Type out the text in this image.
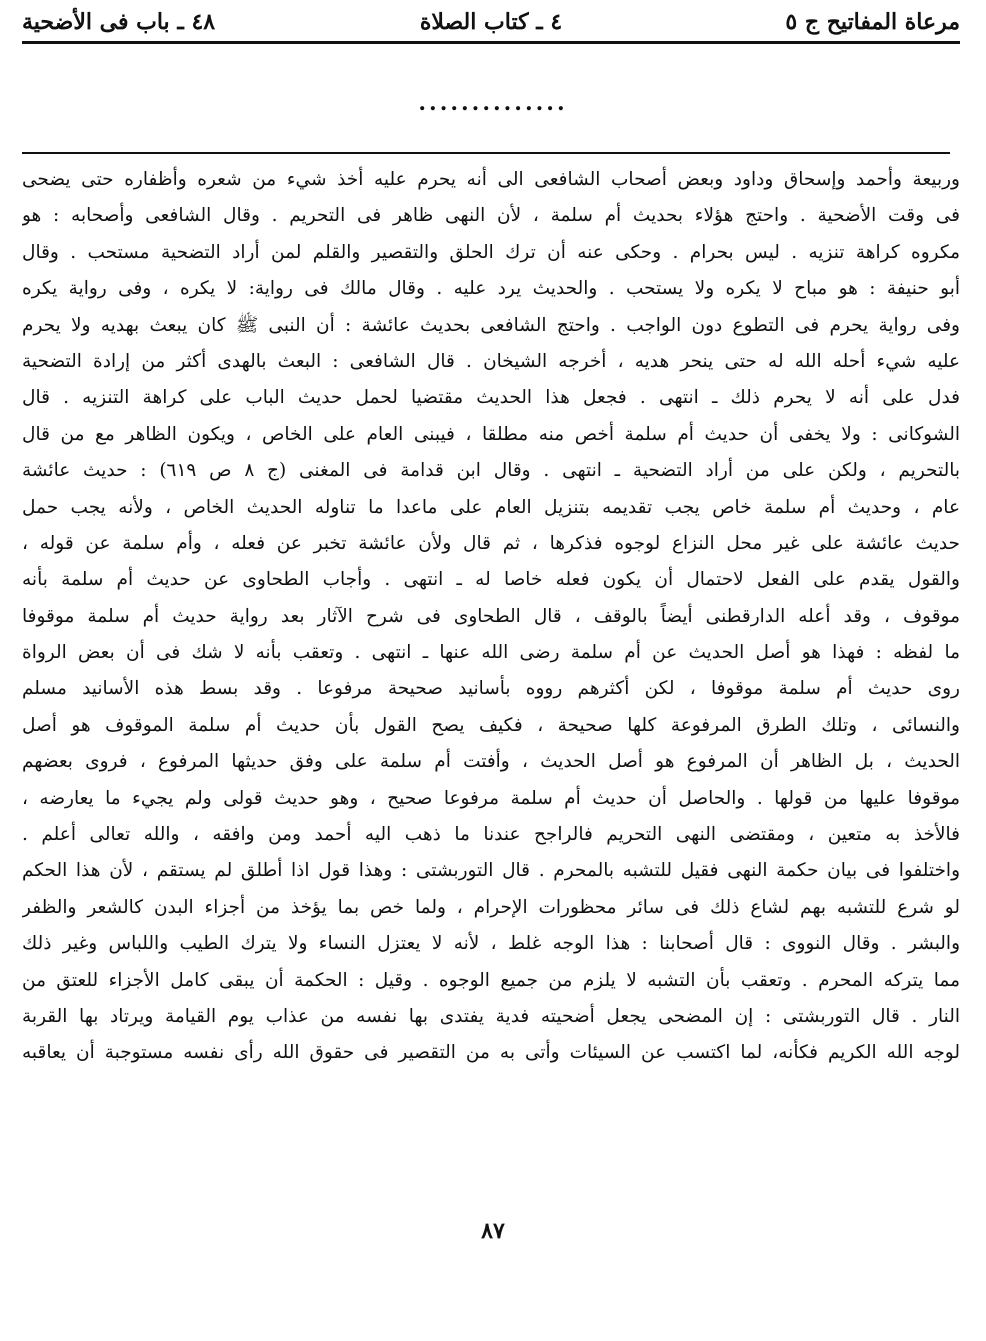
مرعاة المفاتيح ج ٥
٤ ـ كتاب الصلاة
٤٨ ـ باب فى الأضحية
..............
وربيعة وأحمد وإسحاق وداود وبعض أصحاب الشافعى الى أنه يحرم عليه أخذ شيء من شعره وأظفاره حتى يضحى
فى وقت الأضحية . واحتج هؤلاء بحديث أم سلمة ، لأن النهى ظاهر فى التحريم . وقال الشافعى وأصحابه : هو
مكروه كراهة تنزيه . ليس بحرام . وحكى عنه أن ترك الحلق والتقصير والقلم لمن أراد التضحية مستحب . وقال
أبو حنيفة : هو مباح لا يكره ولا يستحب . والحديث يرد عليه . وقال مالك فى رواية: لا يكره ، وفى رواية يكره
وفى رواية يحرم فى التطوع دون الواجب . واحتج الشافعى بحديث عائشة : أن النبى ﷺ كان يبعث بهديه ولا يحرم
عليه شيء أحله الله له حتى ينحر هديه ، أخرجه الشيخان . قال الشافعى : البعث بالهدى أكثر من إرادة التضحية
فدل على أنه لا يحرم ذلك ـ انتهى . فجعل هذا الحديث مقتضيا لحمل حديث الباب على كراهة التنزيه . قال
الشوكانى : ولا يخفى أن حديث أم سلمة أخص منه مطلقا ، فيبنى العام على الخاص ، ويكون الظاهر مع من قال
بالتحريم ، ولكن على من أراد التضحية ـ انتهى . وقال ابن قدامة فى المغنى (ج ٨ ص ٦١٩) : حديث عائشة
عام ، وحديث أم سلمة خاص يجب تقديمه بتنزيل العام على ماعدا ما تناوله الحديث الخاص ، ولأنه يجب حمل
حديث عائشة على غير محل النزاع لوجوه فذكرها ، ثم قال ولأن عائشة تخبر عن فعله ، وأم سلمة عن قوله ،
والقول يقدم على الفعل لاحتمال أن يكون فعله خاصا له ـ انتهى . وأجاب الطحاوى عن حديث أم سلمة بأنه
موقوف ، وقد أعله الدارقطنى أيضاً بالوقف ، قال الطحاوى فى شرح الآثار بعد رواية حديث أم سلمة موقوفا
ما لفظه : فهذا هو أصل الحديث عن أم سلمة رضى الله عنها ـ انتهى . وتعقب بأنه لا شك فى أن بعض الرواة
روى حديث أم سلمة موقوفا ، لكن أكثرهم رووه بأسانيد صحيحة مرفوعا . وقد بسط هذه الأسانيد مسلم
والنسائى ، وتلك الطرق المرفوعة كلها صحيحة ، فكيف يصح القول بأن حديث أم سلمة الموقوف هو أصل
الحديث ، بل الظاهر أن المرفوع هو أصل الحديث ، وأفتت أم سلمة على وفق حديثها المرفوع ، فروى بعضهم
موقوفا عليها من قولها . والحاصل أن حديث أم سلمة مرفوعا صحيح ، وهو حديث قولى ولم يجيء ما يعارضه ،
فالأخذ به متعين ، ومقتضى النهى التحريم فالراجح عندنا ما ذهب اليه أحمد ومن وافقه ، والله تعالى أعلم .
واختلفوا فى بيان حكمة النهى فقيل للتشبه بالمحرم . قال التوربشتى : وهذا قول اذا أطلق لم يستقم ، لأن هذا الحكم
لو شرع للتشبه بهم لشاع ذلك فى سائر محظورات الإحرام ، ولما خص بما يؤخذ من أجزاء البدن كالشعر والظفر
والبشر . وقال النووى : قال أصحابنا : هذا الوجه غلط ، لأنه لا يعتزل النساء ولا يترك الطيب واللباس وغير ذلك
مما يتركه المحرم . وتعقب بأن التشبه لا يلزم من جميع الوجوه . وقيل : الحكمة أن يبقى كامل الأجزاء للعتق من
النار . قال التوربشتى : إن المضحى يجعل أضحيته فدية يفتدى بها نفسه من عذاب يوم القيامة ويرتاد بها القربة
لوجه الله الكريم فكأنه، لما اكتسب عن السيئات وأتى به من التقصير فى حقوق الله رأى نفسه مستوجبة أن يعاقبه
٨٧
